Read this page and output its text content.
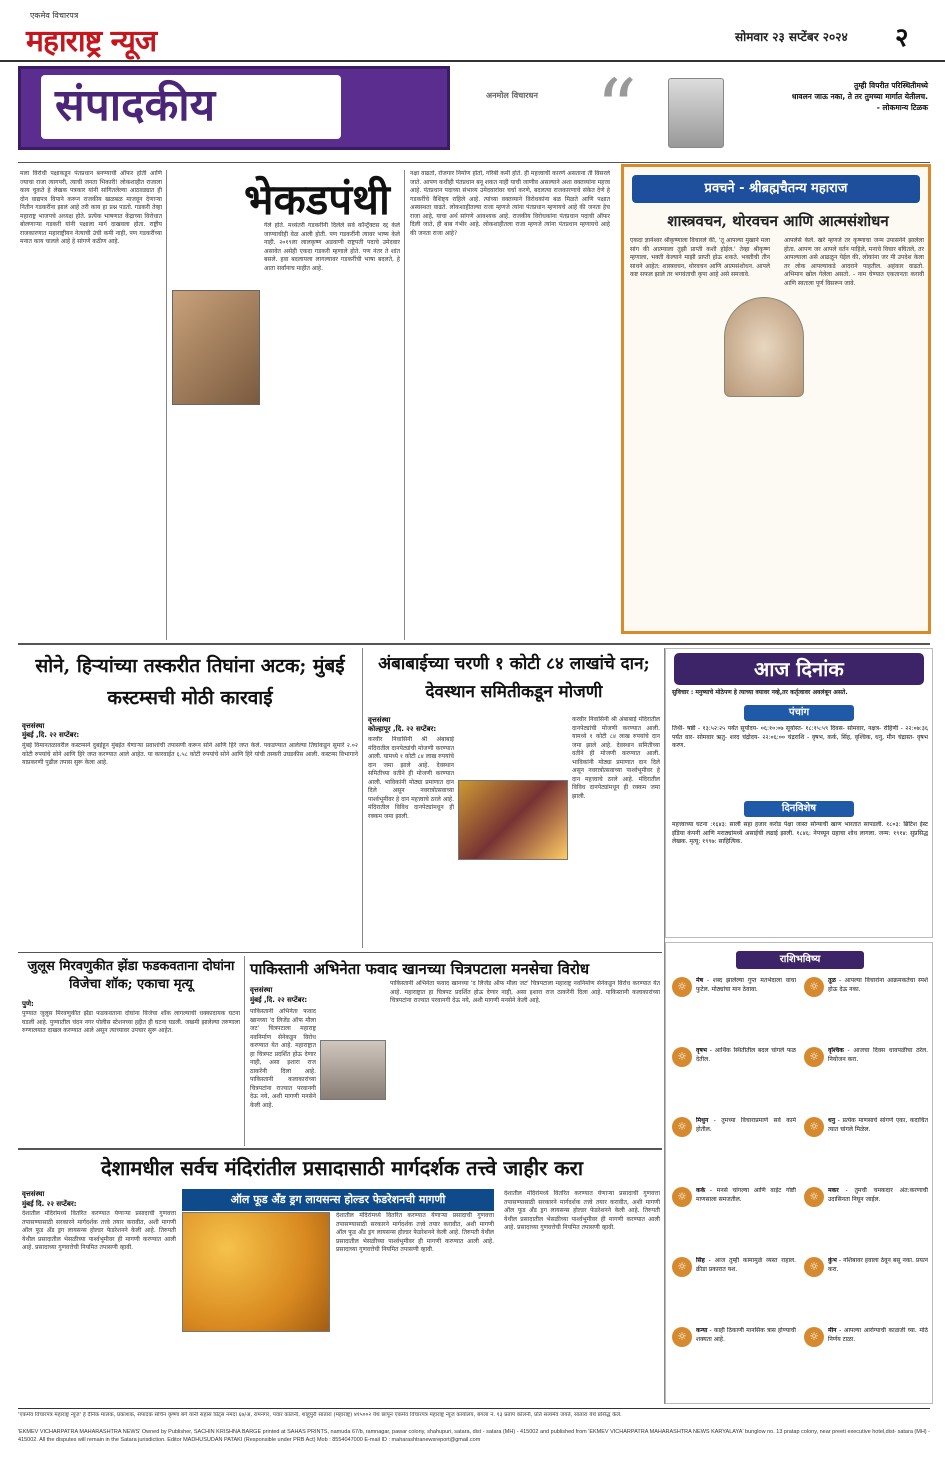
एकमेव विचारपत्र
महाराष्ट्र न्यूज	सोमवार २३ सप्टेंबर २०२४ २
संपादकीय	अनमोल विचारधन “	तुम्ही विपरीत परिस्थितीमध्ये
धावलन जाऊ नका, ते तर तुमच्या मार्गात येतीलच.
- लोकमान्य टिळक
भेकडपंथी
मला विरोधी पक्षाकडून पंतप्रधान बनण्याची ऑफर होती आणि ज्याचा राजा त्यागपरी, त्याची जनता भिकारी! लोकशाहीत राजाला काय चुकते हे लेखक पत्रकार यांनी सांगितलेल्या आठवड्यात ही दोन वाद्यपत्र विपाने करून राजकीय खळबळ माजवून देणाऱ्या नितीन गडकरींना झालं आहे तरी काय हा प्रश्न पडतो. गडकरी तेव्हा महाराष्ट्र भाजपचे अध्यक्ष होते. प्रत्येक भाषणात केंद्राच्या विरोधात बोलणाऱ्या गडकरी यांनी पक्षाला मार्ग दाखवला होता. राष्ट्रीय राजकारणात महाराष्ट्रीयन नेत्याची उंची कमी नाही, पण गडकरींच्या मनात काय चालले आहे हे सांगणे कठीण आहे.
गेले होते. मध्यंतरी गडकरींनी दिलेले सर्व कॉन्ट्रॅक्टस रद्द केले जाण्याचीही वेळ आली होती. पण गडकरींनी त्यावर भाष्य केले नाही. २०१९ला लालकृष्ण अडवाणी राष्ट्रपती पदाचे उमेदवार असावेत असेही एकदा गडकरी म्हणाले होते. पण नंतर ते शांत बसले. हवा बदलायला लागल्यावर गडकरींची भाषा बदलते, हे आता सर्वांनाच माहीत आहे.
नक्षा वाढतो, रोजगार निर्माण होतो, गरिबी कमी होते. ही महत्त्वाची कारणे असताना ती विसरले जाते. आपण कधीही पंतप्रधान बनू शकत नाही याची जाणीव असल्याने अशा वक्तव्यांना महत्त्व आहे. पंतप्रधान पदाच्या संभाव्य उमेदवारांवर चर्चा करणे, बदलत्या राजकारणाचे संकेत देणे हे गडकरींचे वैशिष्ट्य राहिले आहे. त्यांच्या वक्तव्याने विरोधकांना बळ मिळते आणि पक्षात अस्वस्थता वाढते. लोकशाहीतल्या राजा म्हणजे त्यांना पंतप्रधान म्हणायचे आहे की जनता हेच राजा आहे, याचा अर्थ सांगणे आवश्यक आहे. राजकीय विरोधकांना पंतप्रधान पदाची ऑफर दिली जाते, ही बाब गंभीर आहे. लोकशाहीतला राजा म्हणजे त्यांना पंतप्रधान म्हणायचे आहे की जनता राजा आहे?
प्रवचने - श्रीब्रह्मचैतन्य महाराज
शास्त्रवचन, थोरवचन आणि आत्मसंशोधन
एकदा ज्ञानेश्वर श्रीकृष्णाला विचारले की, 'तू आपल्या मुखाने मला सांग की आत्म्याला तुझी प्राप्ती कशी होईल.' तेव्हा श्रीकृष्ण म्हणाला, भक्ती केल्याने माझी प्राप्ती होऊ शकते. भक्तीची तीन साधने आहेत: शास्त्रवचन, थोरवचन आणि आत्मसंशोधन. आपले कष्ट सफल झाले तर भगवंताची कृपा आहे असे समजावे.
आपलेसे केले. खरे म्हणजे तर कृष्णाचा जन्म उपासनेने झालेला होता. आपण जर आपले वर्तन पाहिले, मनाचे विचार बघितले, तर आपल्याला असे आढळून येईल की, लोकांना जर मी उपदेश केला तर लोक आपल्याकडे आदराने पाहतील. अहंकार वाढतो. अभिमान खोल गेलेला असतो. - नाम घेण्यात एकतानता करावी आणि स्वतःला पूर्ण विसरून जावे.
सोने, हिऱ्यांच्या तस्करीत तिघांना अटक; मुंबई कस्टम्सची मोठी कारवाई
वृत्तसंस्था
मुंबई ,दि. २२ सप्टेंबर:
मुंबई विमानतळावरील कस्टम्सने दुबईहून मुंबईत येणाऱ्या प्रवाशांची तपासणी करून सोने आणि हिरे जप्त केले. पकडण्यात आलेल्या तिघांकडून सुमारे २.०२ कोटी रुपयांचे सोने आणि हिरे जप्त करण्यात आले आहेत. या कारवाईत ६.५८ कोटी रुपयांचे सोने आणि हिरे यांची तस्करी उघडकीस आली. कस्टम्स विभागाने याप्रकरणी पुढील तपास सुरू केला आहे.
अंबाबाईच्या चरणी १ कोटी ८४ लाखांचे दान; देवस्थान समितीकडून मोजणी
वृत्तसंस्था
कोल्हापूर ,दि. २२ सप्टेंबर:
करवीर निवासिनी श्री अंबाबाई मंदिरातील दानपेट्यांची मोजणी करण्यात आली. यामध्ये १ कोटी ८४ लाख रुपयांचे दान जमा झाले आहे. देवस्थान समितीच्या वतीने ही मोजणी करण्यात आली. भाविकांनी मोठ्या प्रमाणात दान दिले असून नवरात्रोत्सवाच्या पार्श्वभूमीवर हे दान महत्त्वाचे ठरले आहे. मंदिरातील विविध दानपेट्यांमधून ही रक्कम जमा झाली.
करवीर निवासिनी श्री अंबाबाई मंदिरातील दानपेट्यांची मोजणी करण्यात आली. यामध्ये १ कोटी ८४ लाख रुपयांचे दान जमा झाले आहे. देवस्थान समितीच्या वतीने ही मोजणी करण्यात आली. भाविकांनी मोठ्या प्रमाणात दान दिले असून नवरात्रोत्सवाच्या पार्श्वभूमीवर हे दान महत्त्वाचे ठरले आहे. मंदिरातील विविध दानपेट्यांमधून ही रक्कम जमा झाली.
जुलूस मिरवणुकीत झेंडा फडकवताना दोघांना विजेचा शॉक; एकाचा मृत्यू
पुणे:
पुण्यात जुलूस मिरवणुकीत झेंडा फडकवताना दोघांना विजेचा शॉक लागल्याची धक्कादायक घटना घडली आहे. पुण्यातील चंदन नगर पोलीस स्टेशनच्या हद्दीत ही घटना घडली. जखमी झालेल्या तरुणाला रुग्णालयात दाखल करण्यात आले असून त्याच्यावर उपचार सुरू आहेत.
पाकिस्तानी अभिनेता फवाद खानच्या चित्रपटाला मनसेचा विरोध
वृत्तसंस्था
मुंबई ,दि. २२ सप्टेंबर:
पाकिस्तानी अभिनेता फवाद खानच्या 'द लिजेंड ऑफ मौला जट' चित्रपटाला महाराष्ट्र नवनिर्माण सेनेकडून विरोध करण्यात येत आहे. महाराष्ट्रात हा चित्रपट प्रदर्शित होऊ देणार नाही, असा इशारा राज ठाकरेंनी दिला आहे. पाकिस्तानी कलाकारांच्या चित्रपटांना राज्यात परवानगी देऊ नये, अशी मागणी मनसेने केली आहे.
पाकिस्तानी अभिनेता फवाद खानच्या 'द लिजेंड ऑफ मौला जट' चित्रपटाला महाराष्ट्र नवनिर्माण सेनेकडून विरोध करण्यात येत आहे. महाराष्ट्रात हा चित्रपट प्रदर्शित होऊ देणार नाही, असा इशारा राज ठाकरेंनी दिला आहे. पाकिस्तानी कलाकारांच्या चित्रपटांना राज्यात परवानगी देऊ नये, अशी मागणी मनसेने केली आहे.
देशामधील सर्वच मंदिरांतील प्रसादासाठी मार्गदर्शक तत्त्वे जाहीर करा
वृत्तसंस्था
मुंबई दि. २२ सप्टेंबर:	ऑल फूड अँड ड्रग लायसन्स होल्डर फेडरेशनची मागणी
देशातील मंदिरांमध्ये वितरित करण्यात येणाऱ्या प्रसादाची गुणवत्ता तपासण्यासाठी सरकारने मार्गदर्शक तत्त्वे तयार करावीत, अशी मागणी ऑल फूड अँड ड्रग लायसन्स होल्डर फेडरेशनने केली आहे. तिरुपती येथील प्रसादातील भेसळीच्या पार्श्वभूमीवर ही मागणी करण्यात आली आहे. प्रसादाच्या गुणवत्तेची नियमित तपासणी व्हावी.
देशातील मंदिरांमध्ये वितरित करण्यात येणाऱ्या प्रसादाची गुणवत्ता तपासण्यासाठी सरकारने मार्गदर्शक तत्त्वे तयार करावीत, अशी मागणी ऑल फूड अँड ड्रग लायसन्स होल्डर फेडरेशनने केली आहे. तिरुपती येथील प्रसादातील भेसळीच्या पार्श्वभूमीवर ही मागणी करण्यात आली आहे. प्रसादाच्या गुणवत्तेची नियमित तपासणी व्हावी.
देशातील मंदिरांमध्ये वितरित करण्यात येणाऱ्या प्रसादाची गुणवत्ता तपासण्यासाठी सरकारने मार्गदर्शक तत्त्वे तयार करावीत, अशी मागणी ऑल फूड अँड ड्रग लायसन्स होल्डर फेडरेशनने केली आहे. तिरुपती येथील प्रसादातील भेसळीच्या पार्श्वभूमीवर ही मागणी करण्यात आली आहे. प्रसादाच्या गुणवत्तेची नियमित तपासणी व्हावी.
आज दिनांक
सुविचार : मनुष्याचे मोठेपण हे त्याच्या वयावर नव्हे,तर कर्तृत्वावर अवलंबून असते.
पंचांग
तिथी- षष्ठी - १३:५२:२५ पर्यंत सूर्योदय- ०६:१०:०७ सूर्यास्त- १८:१५:५९ दिवस- सोमवार, नक्षत्र- रोहिणी - २२:०७:३६ पर्यंत वार- सोमवार ऋतु- शरद चंद्रोदय- २२:०६:०० चंद्रराशि - वृषभ, कर्क, सिंह, वृश्चिक, धनु, मीन चंद्रास्त- वृषभ करण.
दिनविशेष
महत्त्वाच्या घटना :१६४३: साली सहा हजार करोड पेक्षा जास्त सोन्याची खाण भारतात सापडली. १८०३: ब्रिटिश ईस्ट इंडिया कंपनी आणि मराठ्यांमध्ये असाईची लढाई झाली. १८४६: नेपच्यून ग्रहाचा शोध लागला. जन्म: १९१४: सुप्रसिद्ध लेखक. मृत्यू: १९९७: साहित्यिक.
राशिभविष्य
☼	मेष - शब्द झालेल्या गुप्त मतभेदाला वाचा फुटेल. मोठ्यांचा मान ठेवावा.	☼	तूळ - आपल्या विचारांना आक्रमकतेचा स्पर्श होऊ देऊ नका.
☼	वृषभ - आर्थिक स्थितीतील बदल चांगले फळ देतील.	☼	वृश्चिक - आजचा दिवस धावपळीचा ठरेल. नियोजन करा.
☼	मिथुन - तुमच्या विचाराप्रमाणे सर्व कामे होतील.	☼	धनु - प्रत्येक माणसाचे सांगणे एका, कदाचित त्यात चांगले मिळेल.
☼	कर्क - मनसे चांगल्या आणि वाईट गोष्टी माणसाला समजतील.	☼	मकर - तुमची चमकदार अंत:करणाची उदासिनता निघून जाईल.
☼	सिंह - आज तुम्ही कामामुळे व्यस्त राहाल. क्रीडा प्रकारात यश.	☼	कुंभ - नशिबावर हवाला ठेवून बसू नका. प्रयत्न करा.
☼	कन्या - काही ठिकाणी मानसिक त्रास होण्याची शक्यता आहे.	☼	मीन - आपल्या आरोग्याची काळजी घ्या. मोठे निर्णय टाळा.
'एकमेव विचारपत्र महाराष्ट्र न्यूज' हे दैनिक मालक, प्रकाशक, संपादक सचिन कृष्णा बर्गे यांनी सहास प्रिंट्स नमदा ६७/अ, रामनगर, पवार कॉलनी, शाहूपुरी सातारा (महाराष्ट्र) ४१५००२ येथे छापून एकमेव विचारपत्र महाराष्ट्र न्यूज कार्यालय, बंगला नं. १३ प्रताप कॉलनी, प्रति सत्यमेव जयते, सातारा येथे प्रसिद्ध केले.
'EKMEV VICHARPATRA MAHARASHTRA NEWS' Owned by Publisher, SACHIN KRISHNA BARGE printed at SAHAS PRINTS, namuda 67/b, ramnagar, pawar colony, shahupuri, satara, dist - satara (MH) - 415002 and published from 'EKMEV VICHARPATRA MAHARASHTRA NEWS KARYALAYA' bunglow no. 13 pratap colony, near preeti executive hotel,dist- satara (MH) - 415002. All the disputes will remain in the Satara jurisdiction. Editor MADHUSUDAN PATAKI (Responsible under PRB Act) Mob : 8554047000 E-mail ID : maharashtranewsreport@gmail.com
